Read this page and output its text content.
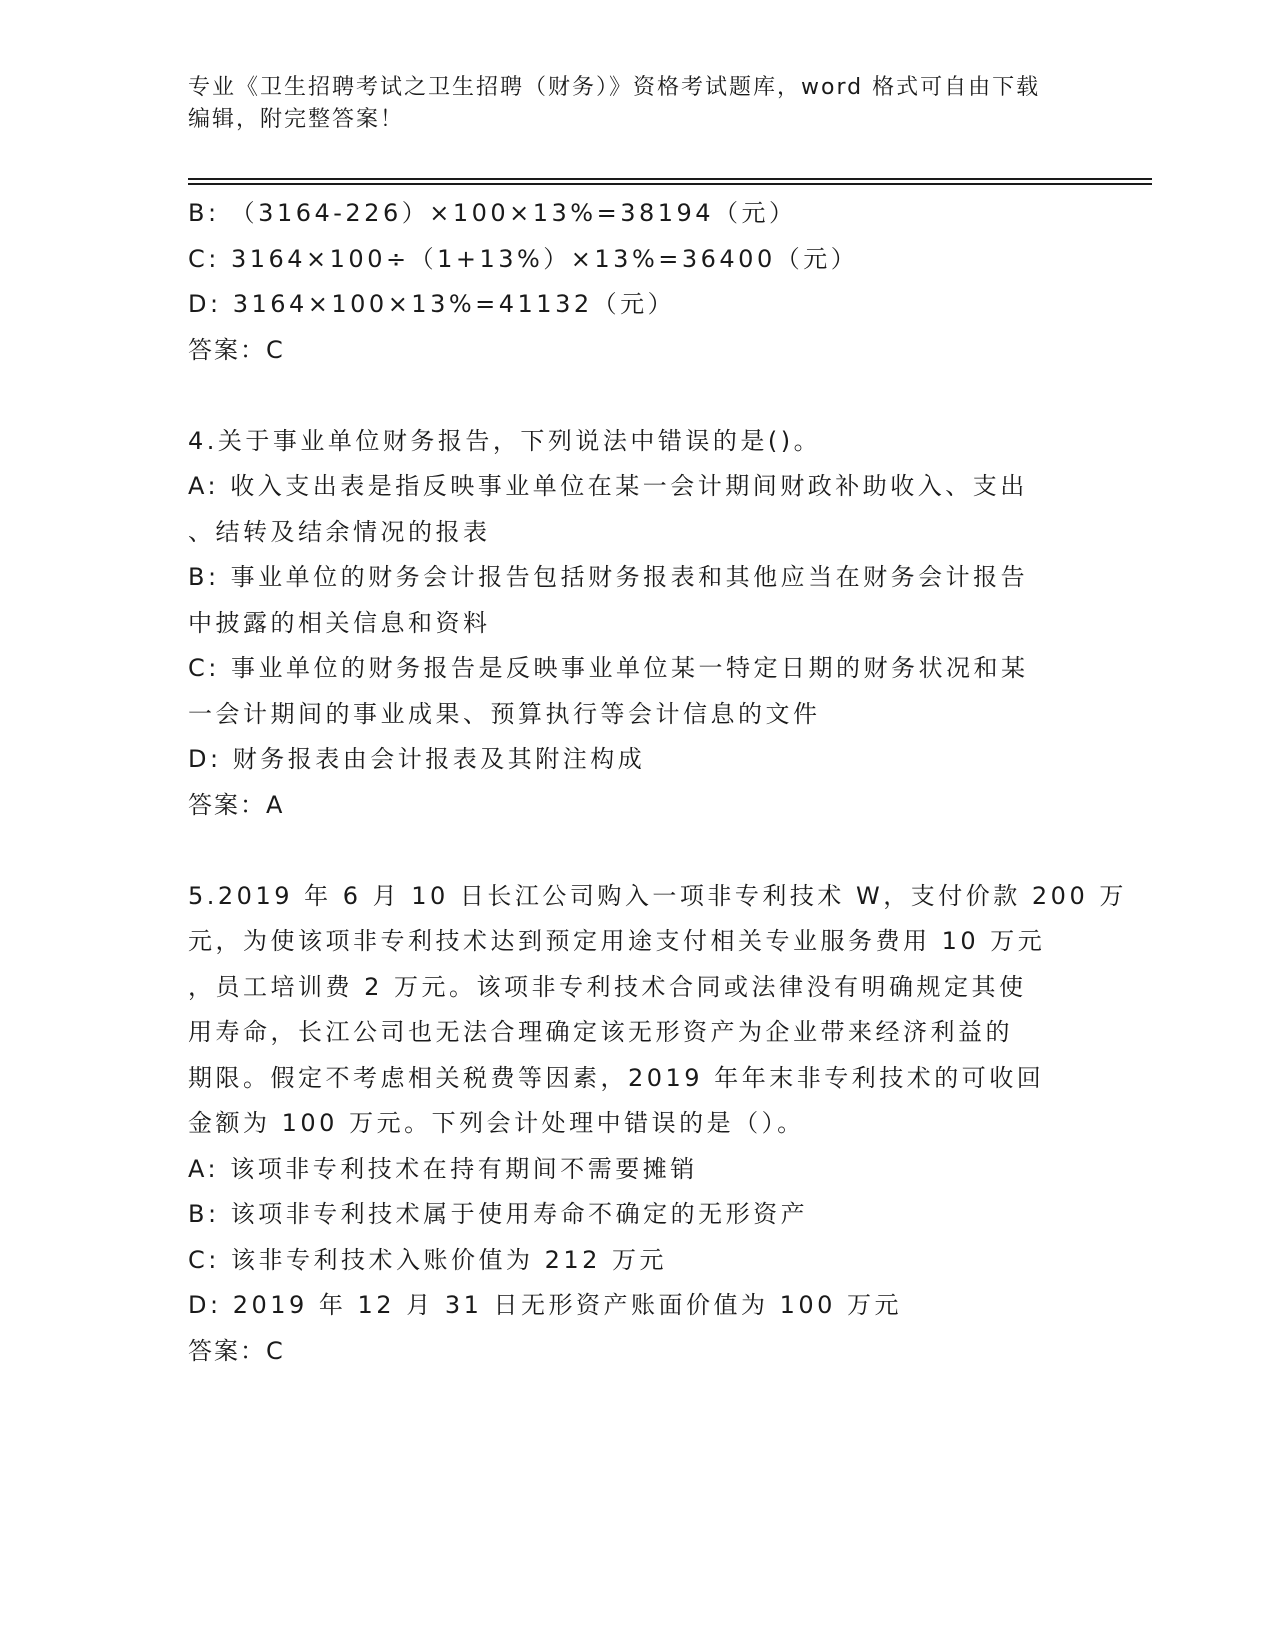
专业《卫生招聘考试之卫生招聘（财务）》资格考试题库，word 格式可自由下载
编辑，附完整答案！
B: （3164-226）×100×13%=38194（元）
C: 3164×100÷（1+13%）×13%=36400（元）
D: 3164×100×13%=41132（元）
答案：C
4.关于事业单位财务报告，下列说法中错误的是()。
A: 收入支出表是指反映事业单位在某一会计期间财政补助收入、支出
、结转及结余情况的报表
B: 事业单位的财务会计报告包括财务报表和其他应当在财务会计报告
中披露的相关信息和资料
C: 事业单位的财务报告是反映事业单位某一特定日期的财务状况和某
一会计期间的事业成果、预算执行等会计信息的文件
D: 财务报表由会计报表及其附注构成
答案：A
5.2019 年 6 月 10 日长江公司购入一项非专利技术 W，支付价款 200 万
元，为使该项非专利技术达到预定用途支付相关专业服务费用 10 万元
，员工培训费 2 万元。该项非专利技术合同或法律没有明确规定其使
用寿命，长江公司也无法合理确定该无形资产为企业带来经济利益的
期限。假定不考虑相关税费等因素，2019 年年末非专利技术的可收回
金额为 100 万元。下列会计处理中错误的是（）。
A: 该项非专利技术在持有期间不需要摊销
B: 该项非专利技术属于使用寿命不确定的无形资产
C: 该非专利技术入账价值为 212 万元
D: 2019 年 12 月 31 日无形资产账面价值为 100 万元
答案：C
